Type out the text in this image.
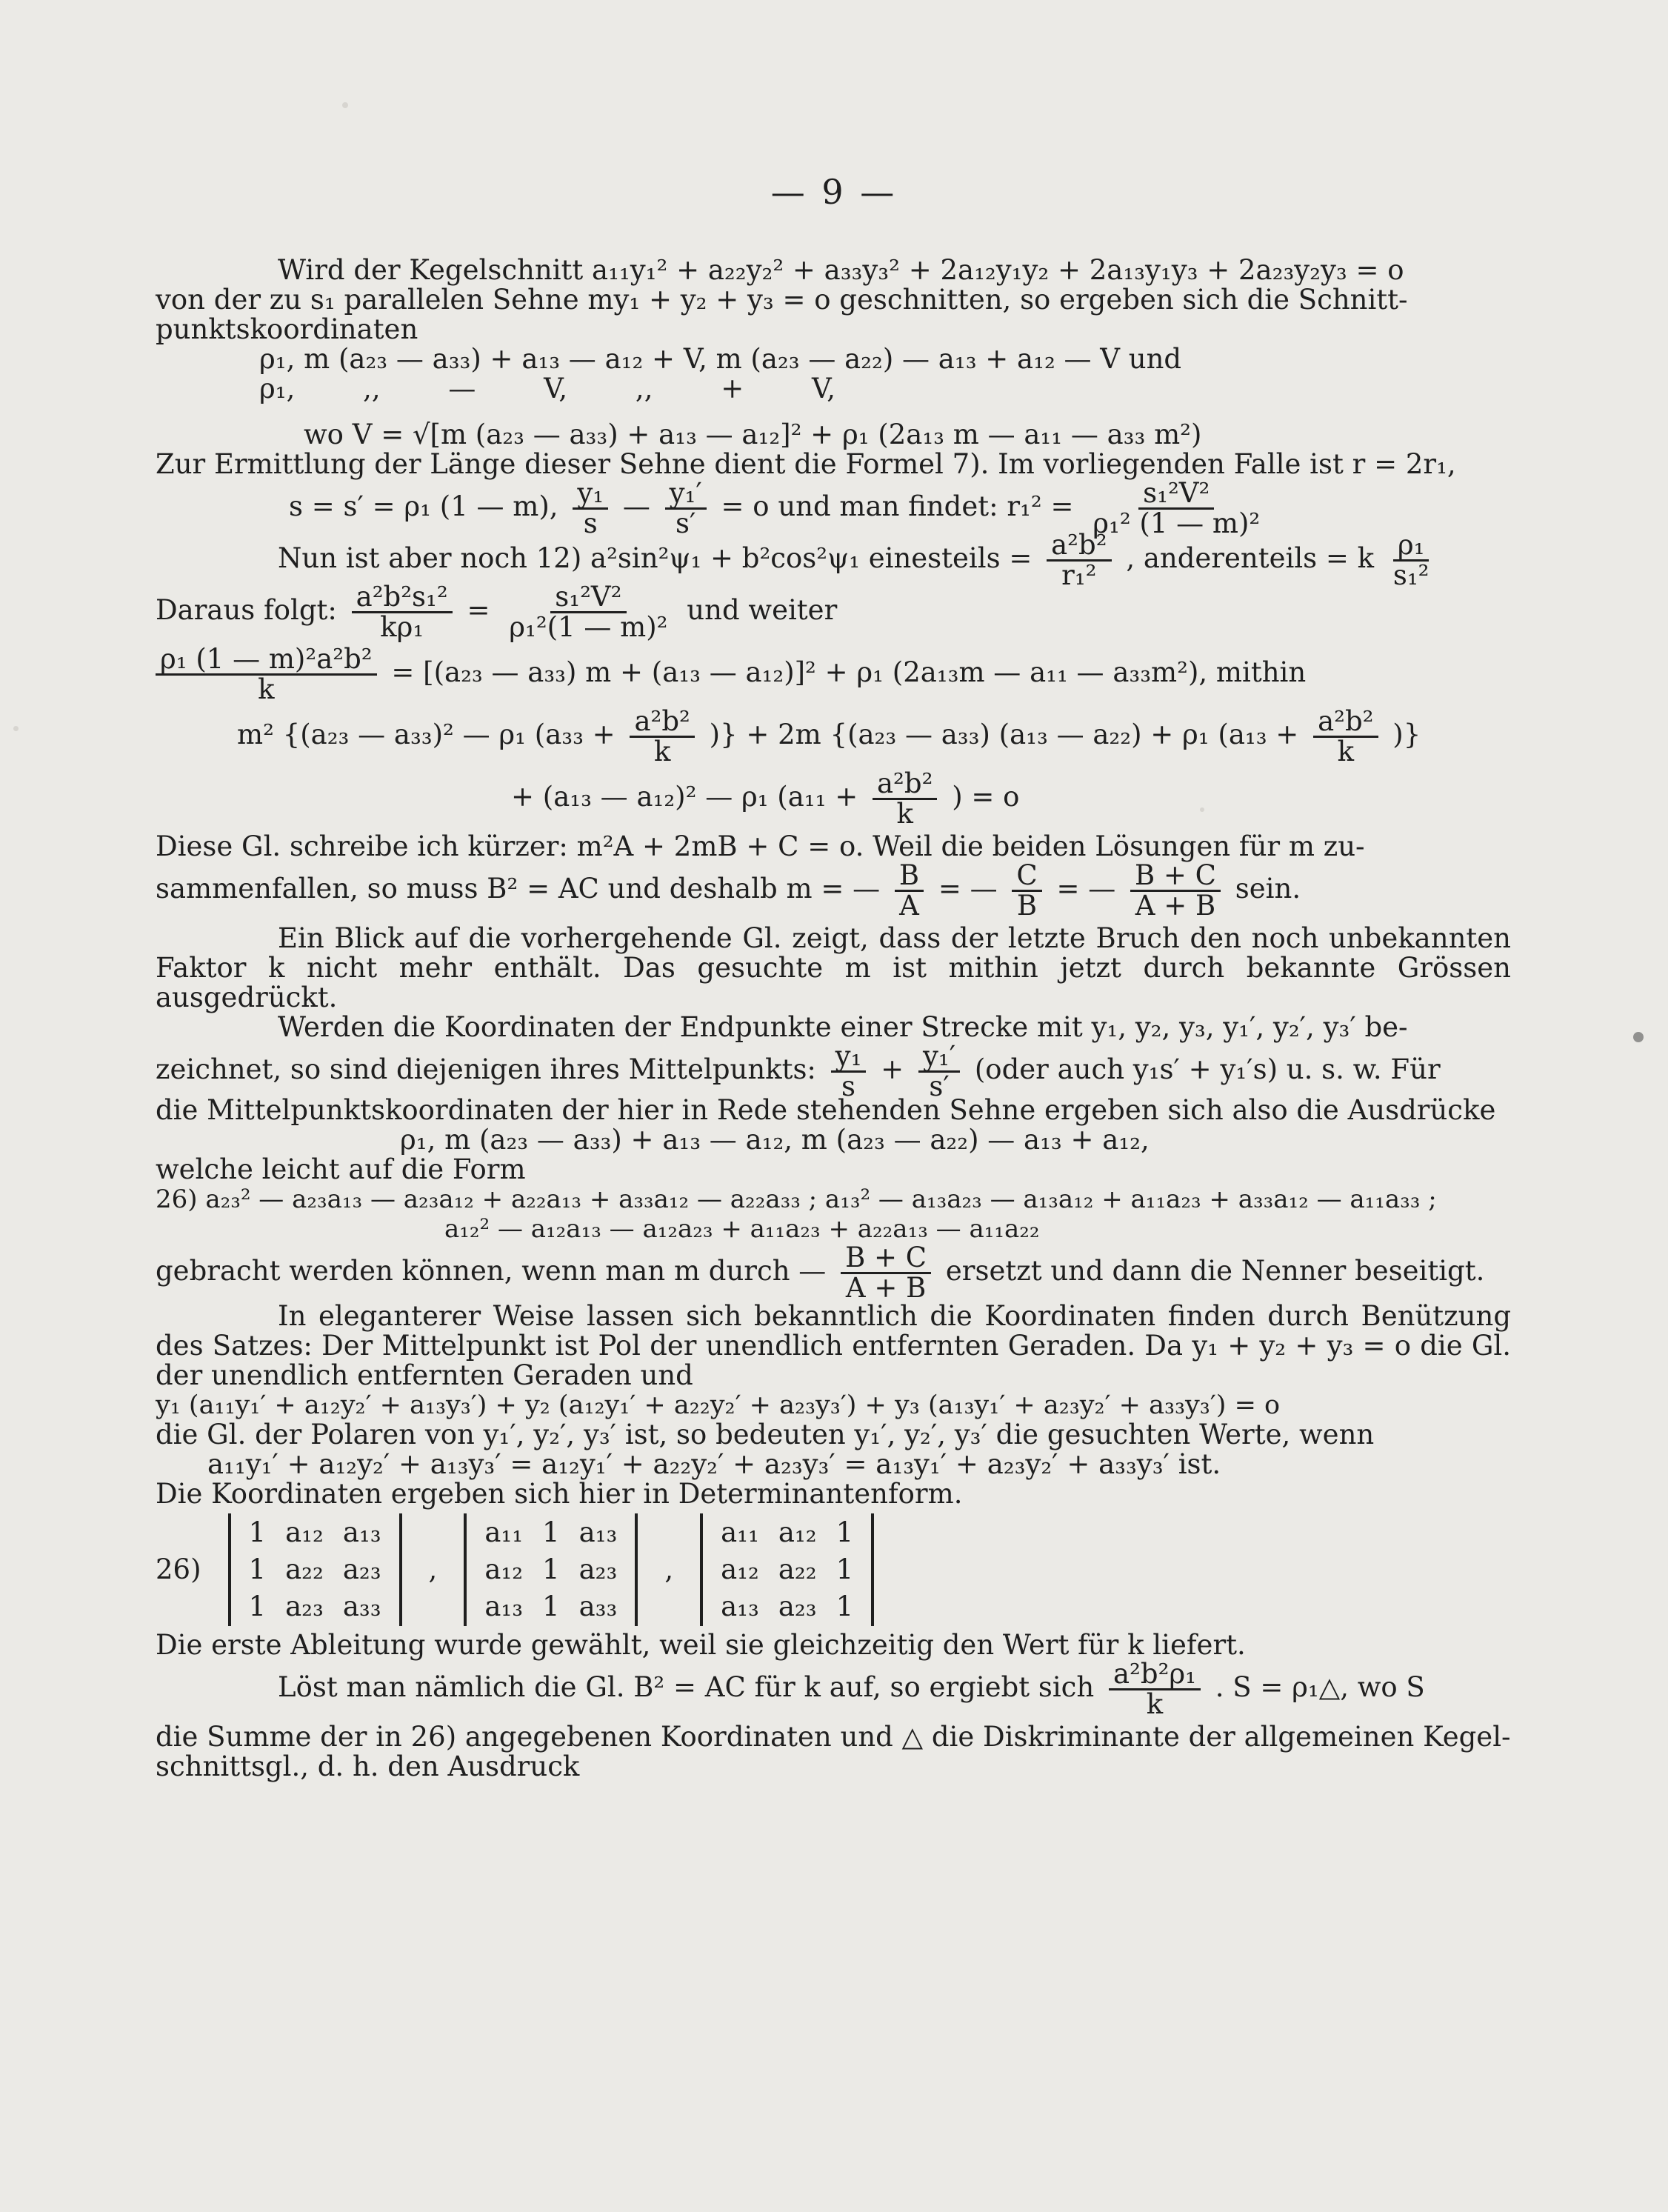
— 9 —
Wird der Kegelschnitt a₁₁y₁² + a₂₂y₂² + a₃₃y₃² + 2a₁₂y₁y₂ + 2a₁₃y₁y₃ + 2a₂₃y₂y₃ = o
von der zu s₁ parallelen Sehne my₁ + y₂ + y₃ = o geschnitten, so ergeben sich die Schnitt-
punktskoordinaten
ρ₁, m (a₂₃ — a₃₃) + a₁₃ — a₁₂ + V, m (a₂₃ — a₂₂) — a₁₃ + a₁₂ — V und
ρ₁, ,, — V, ,, + V,
wo V = √[m (a₂₃ — a₃₃) + a₁₃ — a₁₂]² + ρ₁ (2a₁₃ m — a₁₁ — a₃₃ m²)
Zur Ermittlung der Länge dieser Sehne dient die Formel 7). Im vorliegenden Falle ist r = 2r₁,
s = s′ = ρ₁ (1 — m), $\frac{\text{y₁}}{s}$ — $\frac{\text{y₁′}}{s'} = o$ und man findet: $r_1^2 = \frac{\text{s₁²V²}}{\text{ρ₁² (1 — m)²}}$
Nun ist aber noch 12) a²sin²ψ₁ + b²cos²ψ₁ einesteils = $\frac{\text{a²b²}}{\text{r₁²}}$ , anderenteils = k $\frac{\text{ρ₁}}{\text{s₁²}}$
Daraus folgt: $\frac{\text{a²b²s₁²}}{\text{kρ₁}} = \frac{\text{s₁²V²}}{\text{ρ₁²(1 — m)²}}$ und weiter
$\frac{\text{ρ₁ (1 — m)²a²b²}}{k} = [(a_{23}$ — a₃₃) m + (a₁₃ — a₁₂)]² + ρ₁ (2a₁₃m — a₁₁ — a₃₃m²), mithin
m² {(a₂₃ — a₃₃)² — ρ₁ ($a_{33} + \frac{\text{a²b²}}{k}$ )} + 2m {(a₂₃ — a₃₃) (a₁₃ — a₂₂) + ρ₁ ($a_{13} + \frac{\text{a²b²}}{k}$ )}
+ (a₁₃ — a₁₂)² — ρ₁ ($a_{11} + \frac{\text{a²b²}}{k}$ ) = o
Diese Gl. schreibe ich kürzer: m²A + 2mB + C = o. Weil die beiden Lösungen für m zu-
sammenfallen, so muss B² = AC und deshalb m = — $\frac{B}{A}$ = — $\frac{C}{B}$ = — $\frac{B + C}{A + B}$ sein.
Ein Blick auf die vorhergehende Gl. zeigt, dass der letzte Bruch den noch unbekannten Faktor k nicht mehr enthält. Das gesuchte m ist mithin jetzt durch bekannte Grössen ausgedrückt.
Werden die Koordinaten der Endpunkte einer Strecke mit y₁, y₂, y₃, y₁′, y₂′, y₃′ be-
zeichnet, so sind diejenigen ihres Mittelpunkts: $\frac{\text{y₁}}{s} + \frac{\text{y₁′}}{s'}$ (oder auch y₁s′ + y₁′s) u. s. w. Für
die Mittelpunktskoordinaten der hier in Rede stehenden Sehne ergeben sich also die Ausdrücke
ρ₁, m (a₂₃ — a₃₃) + a₁₃ — a₁₂, m (a₂₃ — a₂₂) — a₁₃ + a₁₂,
welche leicht auf die Form
26) a₂₃² — a₂₃a₁₃ — a₂₃a₁₂ + a₂₂a₁₃ + a₃₃a₁₂ — a₂₂a₃₃ ; a₁₃² — a₁₃a₂₃ — a₁₃a₁₂ + a₁₁a₂₃ + a₃₃a₁₂ — a₁₁a₃₃ ;
a₁₂² — a₁₂a₁₃ — a₁₂a₂₃ + a₁₁a₂₃ + a₂₂a₁₃ — a₁₁a₂₂
gebracht werden können, wenn man m durch — $\frac{B + C}{A + B}$ ersetzt und dann die Nenner beseitigt.
In eleganterer Weise lassen sich bekanntlich die Koordinaten finden durch Benützung des Satzes: Der Mittelpunkt ist Pol der unendlich entfernten Geraden. Da y₁ + y₂ + y₃ = o die Gl. der unendlich entfernten Geraden und
y₁ (a₁₁y₁′ + a₁₂y₂′ + a₁₃y₃′) + y₂ (a₁₂y₁′ + a₂₂y₂′ + a₂₃y₃′) + y₃ (a₁₃y₁′ + a₂₃y₂′ + a₃₃y₃′) = o
die Gl. der Polaren von y₁′, y₂′, y₃′ ist, so bedeuten y₁′, y₂′, y₃′ die gesuchten Werte, wenn
a₁₁y₁′ + a₁₂y₂′ + a₁₃y₃′ = a₁₂y₁′ + a₂₂y₂′ + a₂₃y₃′ = a₁₃y₁′ + a₂₃y₂′ + a₃₃y₃′ ist.
Die Koordinaten ergeben sich hier in Determinantenform.
26)
1 a₁₂ a₁₃
1 a₂₂ a₂₃
1 a₂₃ a₃₃
,
a₁₁ 1 a₁₃
a₁₂ 1 a₂₃
a₁₃ 1 a₃₃
,
a₁₁ a₁₂ 1
a₁₂ a₂₂ 1
a₁₃ a₂₃ 1
Die erste Ableitung wurde gewählt, weil sie gleichzeitig den Wert für k liefert.
Löst man nämlich die Gl. B² = AC für k auf, so ergiebt sich $\frac{\text{a²b²ρ₁}}{k}$ . S = ρ₁△, wo S
die Summe der in 26) angegebenen Koordinaten und △ die Diskriminante der allgemeinen Kegel-
schnittsgl., d. h. den Ausdruck
